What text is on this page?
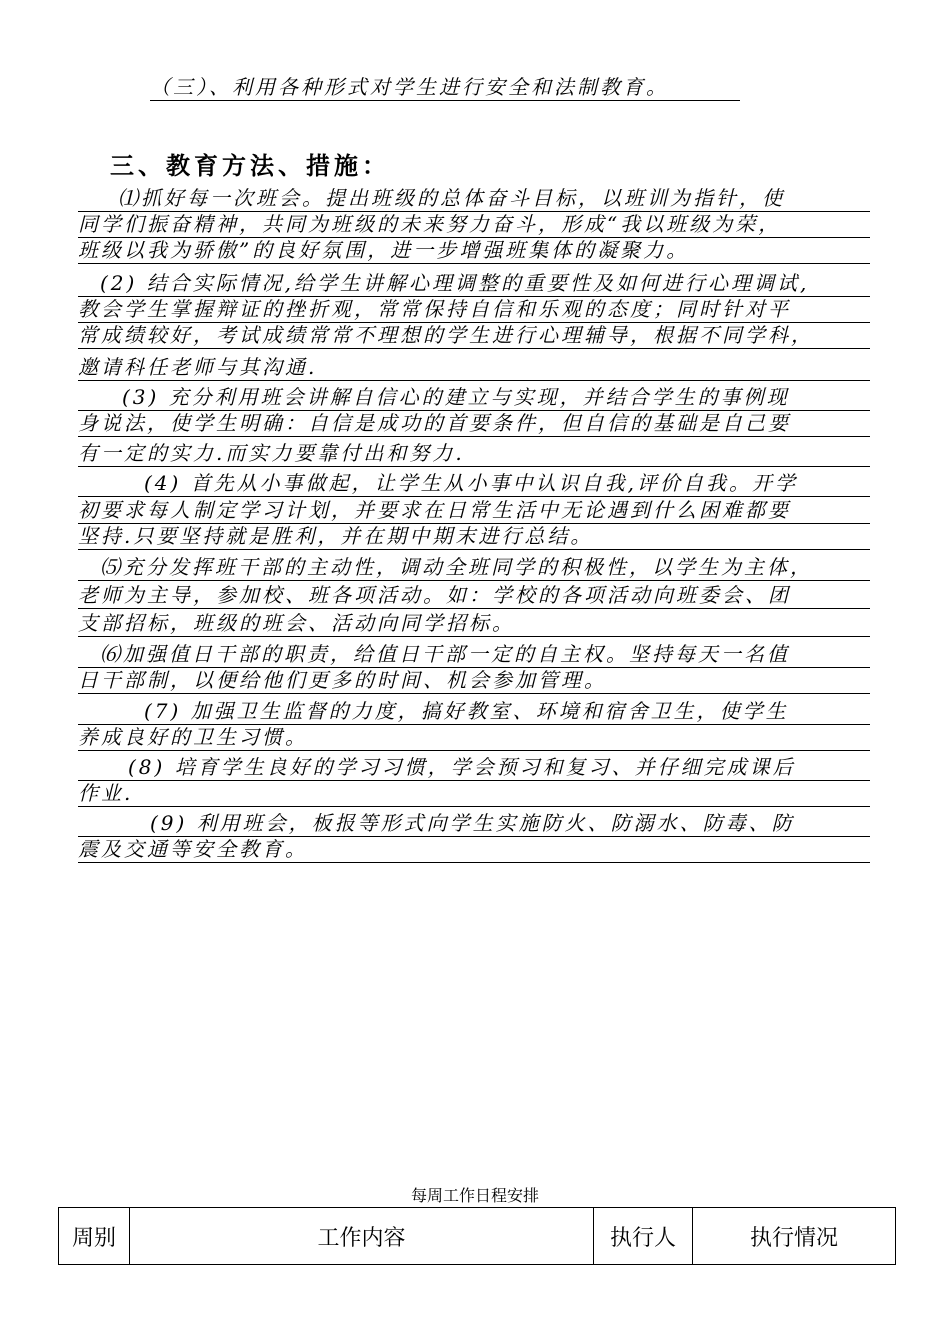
（三）、利用各种形式对学生进行安全和法制教育。
三、教育方法、措施：
⑴抓好每一次班会。提出班级的总体奋斗目标，以班训为指针，使
同学们振奋精神，共同为班级的未来努力奋斗，形成“我以班级为荣，
班级以我为骄傲”的良好氛围，进一步增强班集体的凝聚力。
(2) 结合实际情况,给学生讲解心理调整的重要性及如何进行心理调试,
教会学生掌握辩证的挫折观，常常保持自信和乐观的态度；同时针对平
常成绩较好，考试成绩常常不理想的学生进行心理辅导，根据不同学科，
邀请科任老师与其沟通.
(3) 充分利用班会讲解自信心的建立与实现，并结合学生的事例现
身说法，使学生明确：自信是成功的首要条件，但自信的基础是自己要
有一定的实力.而实力要靠付出和努力.
(4) 首先从小事做起，让学生从小事中认识自我,评价自我。开学
初要求每人制定学习计划，并要求在日常生活中无论遇到什么困难都要
坚持.只要坚持就是胜利，并在期中期末进行总结。
⑸充分发挥班干部的主动性，调动全班同学的积极性，以学生为主体，
老师为主导，参加校、班各项活动。如：学校的各项活动向班委会、团
支部招标，班级的班会、活动向同学招标。
⑹加强值日干部的职责，给值日干部一定的自主权。坚持每天一名值
日干部制，以便给他们更多的时间、机会参加管理。
(7) 加强卫生监督的力度，搞好教室、环境和宿舍卫生，使学生
养成良好的卫生习惯。
(8) 培育学生良好的学习习惯，学会预习和复习、并仔细完成课后
作业.
(9) 利用班会，板报等形式向学生实施防火、防溺水、防毒、防
震及交通等安全教育。
每周工作日程安排
周别	工作内容	执行人	执行情况
